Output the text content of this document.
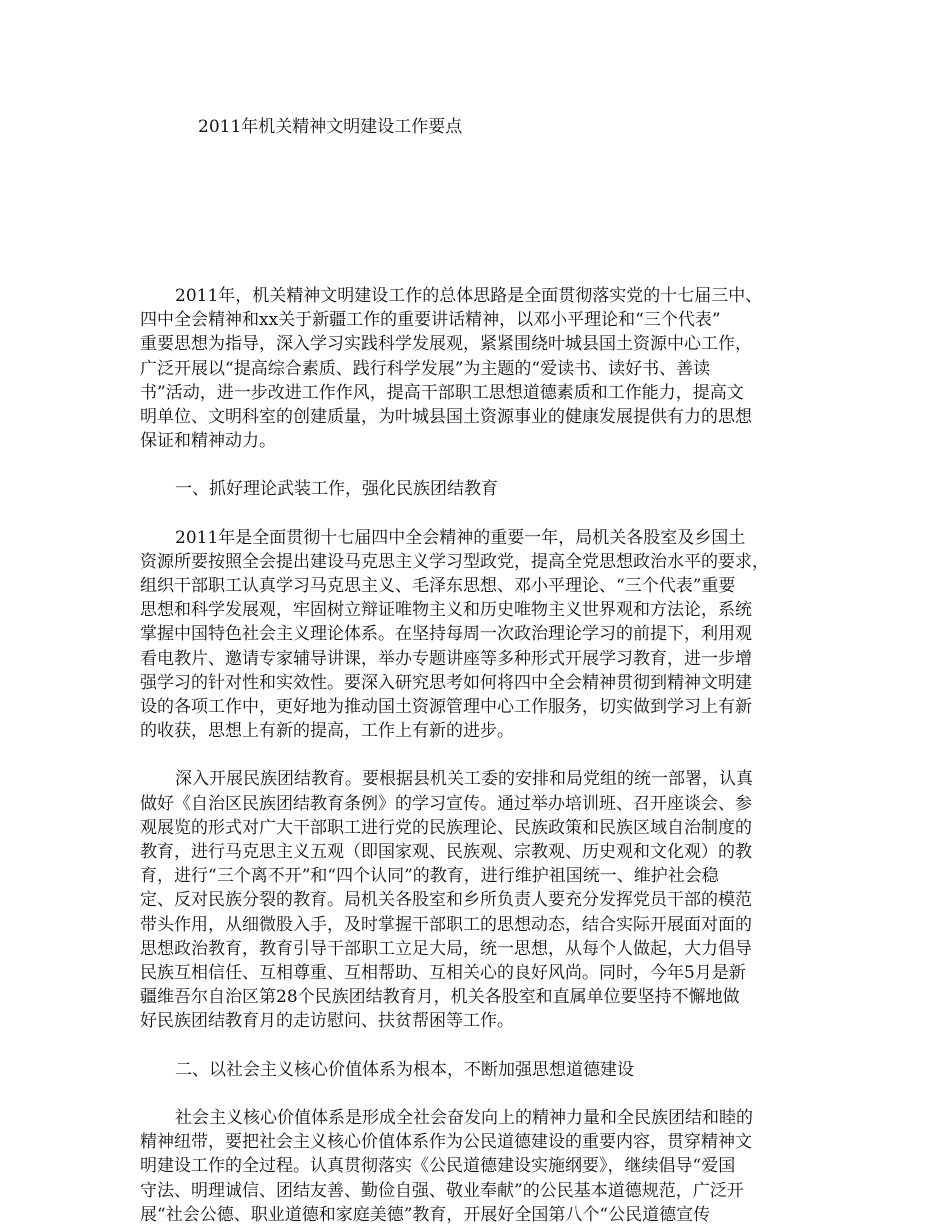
2011年机关精神文明建设工作要点

2011年，机关精神文明建设工作的总体思路是全面贯彻落实党的十七届三中、
四中全会精神和xx关于新疆工作的重要讲话精神，以邓小平理论和“三个代表”
重要思想为指导，深入学习实践科学发展观，紧紧围绕叶城县国土资源中心工作，
广泛开展以“提高综合素质、践行科学发展”为主题的“爱读书、读好书、善读
书”活动，进一步改进工作作风，提高干部职工思想道德素质和工作能力，提高文
明单位、文明科室的创建质量，为叶城县国土资源事业的健康发展提供有力的思想
保证和精神动力。

一、抓好理论武装工作，强化民族团结教育

2011年是全面贯彻十七届四中全会精神的重要一年，局机关各股室及乡国土
资源所要按照全会提出建设马克思主义学习型政党，提高全党思想政治水平的要求，
组织干部职工认真学习马克思主义、毛泽东思想、邓小平理论、“三个代表”重要
思想和科学发展观，牢固树立辩证唯物主义和历史唯物主义世界观和方法论，系统
掌握中国特色社会主义理论体系。在坚持每周一次政治理论学习的前提下，利用观
看电教片、邀请专家辅导讲课，举办专题讲座等多种形式开展学习教育，进一步增
强学习的针对性和实效性。要深入研究思考如何将四中全会精神贯彻到精神文明建
设的各项工作中，更好地为推动国土资源管理中心工作服务，切实做到学习上有新
的收获，思想上有新的提高，工作上有新的进步。

深入开展民族团结教育。要根据县机关工委的安排和局党组的统一部署，认真
做好《自治区民族团结教育条例》的学习宣传。通过举办培训班、召开座谈会、参
观展览的形式对广大干部职工进行党的民族理论、民族政策和民族区域自治制度的
教育，进行马克思主义五观（即国家观、民族观、宗教观、历史观和文化观）的教
育，进行“三个离不开”和“四个认同”的教育，进行维护祖国统一、维护社会稳
定、反对民族分裂的教育。局机关各股室和乡所负责人要充分发挥党员干部的模范
带头作用，从细微股入手，及时掌握干部职工的思想动态，结合实际开展面对面的
思想政治教育，教育引导干部职工立足大局，统一思想，从每个人做起，大力倡导
民族互相信任、互相尊重、互相帮助、互相关心的良好风尚。同时，今年5月是新
疆维吾尔自治区第28个民族团结教育月，机关各股室和直属单位要坚持不懈地做
好民族团结教育月的走访慰问、扶贫帮困等工作。

二、以社会主义核心价值体系为根本，不断加强思想道德建设

社会主义核心价值体系是形成全社会奋发向上的精神力量和全民族团结和睦的
精神纽带，要把社会主义核心价值体系作为公民道德建设的重要内容，贯穿精神文
明建设工作的全过程。认真贯彻落实《公民道德建设实施纲要》，继续倡导“爱国
守法、明理诚信、团结友善、勤俭自强、敬业奉献”的公民基本道德规范，广泛开
展“社会公德、职业道德和家庭美德”教育，开展好全国第八个“公民道德宣传
